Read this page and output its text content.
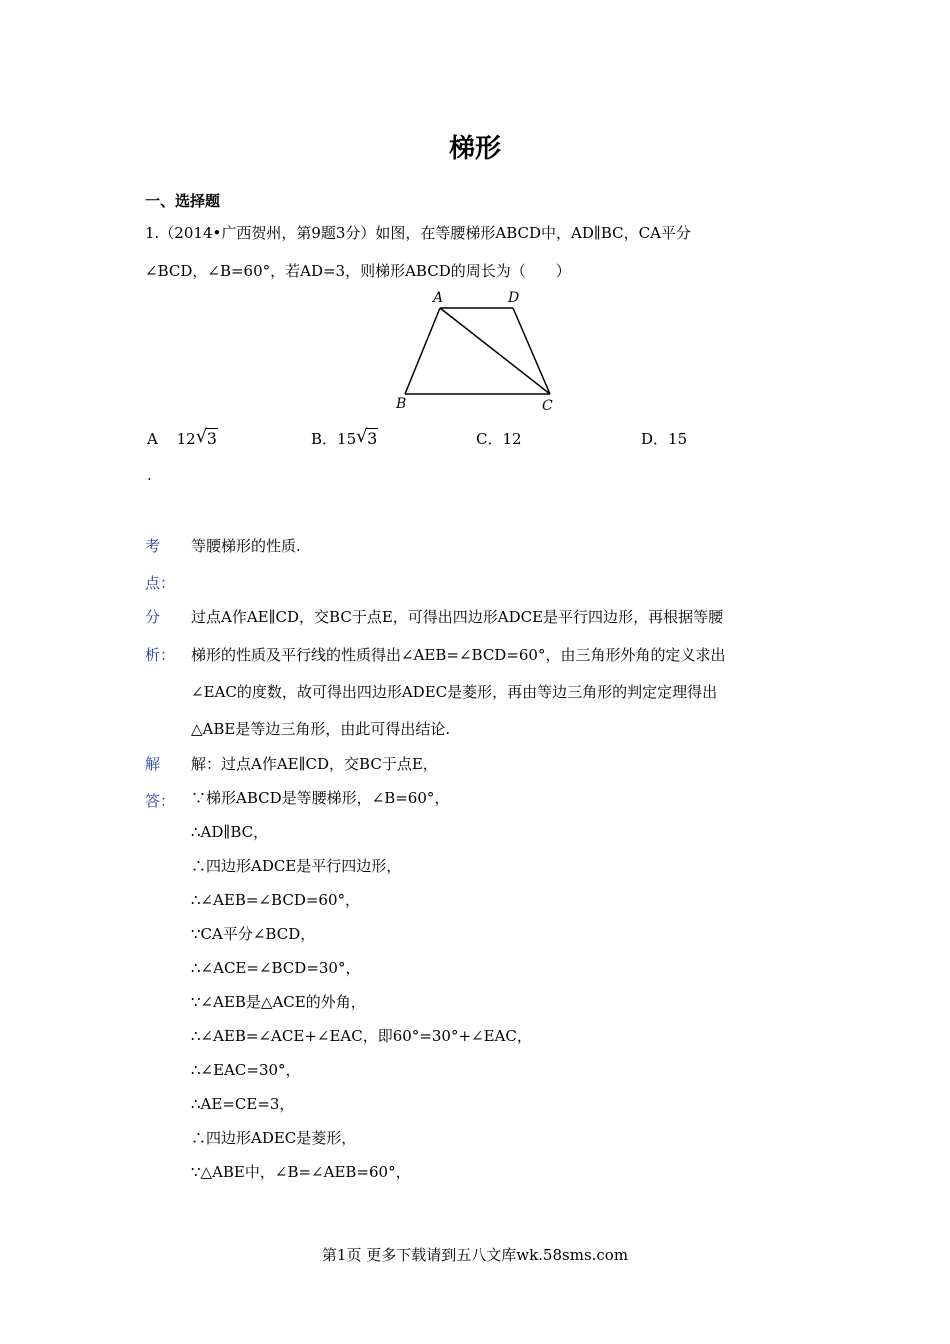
梯形
一、选择题
1.（2014•广西贺州，第9题3分）如图，在等腰梯形ABCD中，AD∥BC，CA平分
∠BCD，∠B=60°，若AD=3，则梯形ABCD的周长为（　　）
A	D
B	C
A 12 √ 3	B．15 √ 3	C．12	D．15
.
考
点：
等腰梯形的性质.
分
析：
过点A作AE∥CD，交BC于点E，可得出四边形ADCE是平行四边形，再根据等腰
梯形的性质及平行线的性质得出∠AEB=∠BCD=60°，由三角形外角的定义求出
∠EAC的度数，故可得出四边形ADEC是菱形，再由等边三角形的判定定理得出
△ABE是等边三角形，由此可得出结论.
解
答：
解：过点A作AE∥CD，交BC于点E，
∵梯形ABCD是等腰梯形，∠B=60°，
∴AD∥BC，
∴四边形ADCE是平行四边形，
∴∠AEB=∠BCD=60°，
∵CA平分∠BCD，
∴∠ACE=∠BCD=30°，
∵∠AEB是△ACE的外角，
∴∠AEB=∠ACE+∠EAC，即60°=30°+∠EAC，
∴∠EAC=30°，
∴AE=CE=3，
∴四边形ADEC是菱形，
∵△ABE中，∠B=∠AEB=60°，
第1页 更多下载请到五八文库wk.58sms.com
